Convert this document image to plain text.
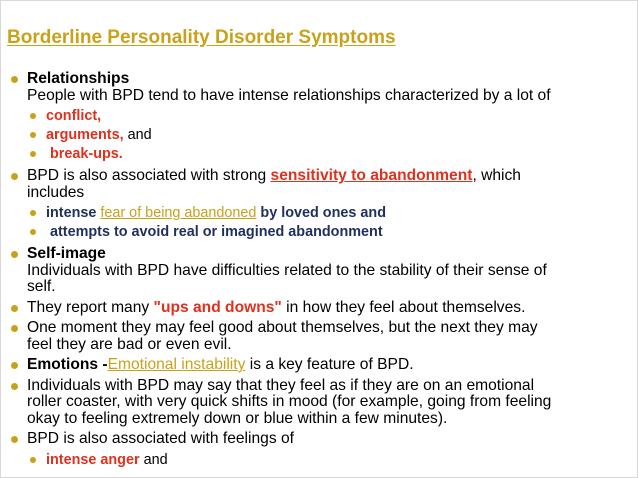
Borderline Personality Disorder Symptoms
Relationships
People with BPD tend to have intense relationships characterized by a lot of
conflict,
arguments, and
break-ups.
BPD is also associated with strong sensitivity to abandonment, which
includes
intense fear of being abandoned by loved ones and
attempts to avoid real or imagined abandonment
Self-image
Individuals with BPD have difficulties related to the stability of their sense of
self.
They report many "ups and downs" in how they feel about themselves.
One moment they may feel good about themselves, but the next they may
feel they are bad or even evil.
Emotions -Emotional instability is a key feature of BPD.
Individuals with BPD may say that they feel as if they are on an emotional
roller coaster, with very quick shifts in mood (for example, going from feeling
okay to feeling extremely down or blue within a few minutes).
BPD is also associated with feelings of
intense anger and
